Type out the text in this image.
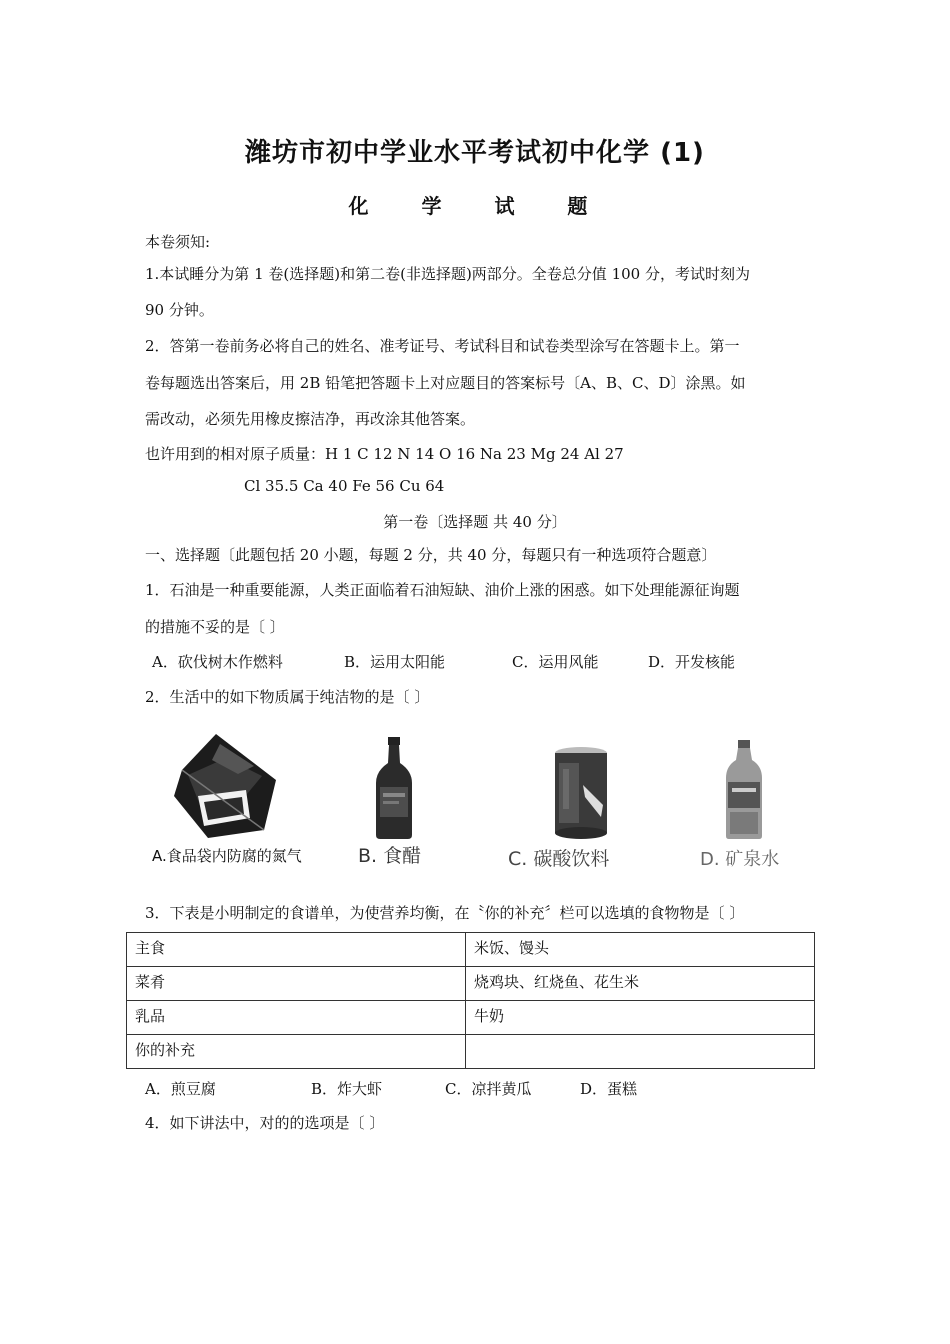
潍坊市初中学业水平考试初中化学 (1)
化 学 试 题
本卷须知:
1.本试睡分为第 1 卷(选择题)和第二卷(非选择题)两部分。全卷总分值 100 分，考试时刻为
90 分钟。
2．答第一卷前务必将自己的姓名、准考证号、考试科目和试卷类型涂写在答题卡上。第一
卷每题选出答案后，用 2B 铅笔把答题卡上对应题目的答案标号〔A、B、C、D〕涂黑。如
需改动，必须先用橡皮擦洁净，再改涂其他答案。
也许用到的相对原子质量：H 1 C 12 N 14 O 16 Na 23 Mg 24 Al 27
Cl 35.5 Ca 40 Fe 56 Cu 64
第一卷〔选择题 共 40 分〕
一、选择题〔此题包括 20 小题，每题 2 分，共 40 分，每题只有一种选项符合题意〕
1．石油是一种重要能源，人类正面临着石油短缺、油价上涨的困惑。如下处理能源征询题
的措施不妥的是〔 〕
A．砍伐树木作燃料	B．运用太阳能	C．运用风能	D．开发核能
2．生活中的如下物质属于纯洁物的是〔 〕
A.食品袋内防腐的氮气	B. 食醋	C. 碳酸饮料	D. 矿泉水
3．下表是小明制定的食谱单，为使营养均衡，在〝你的补充〞栏可以选填的食物物是〔 〕
主食	米饭、馒头
菜肴	烧鸡块、红烧鱼、花生米
乳品	牛奶
你的补充	
A．煎豆腐	B．炸大虾	C．凉拌黄瓜	D．蛋糕
4．如下讲法中，对的的选项是〔 〕
